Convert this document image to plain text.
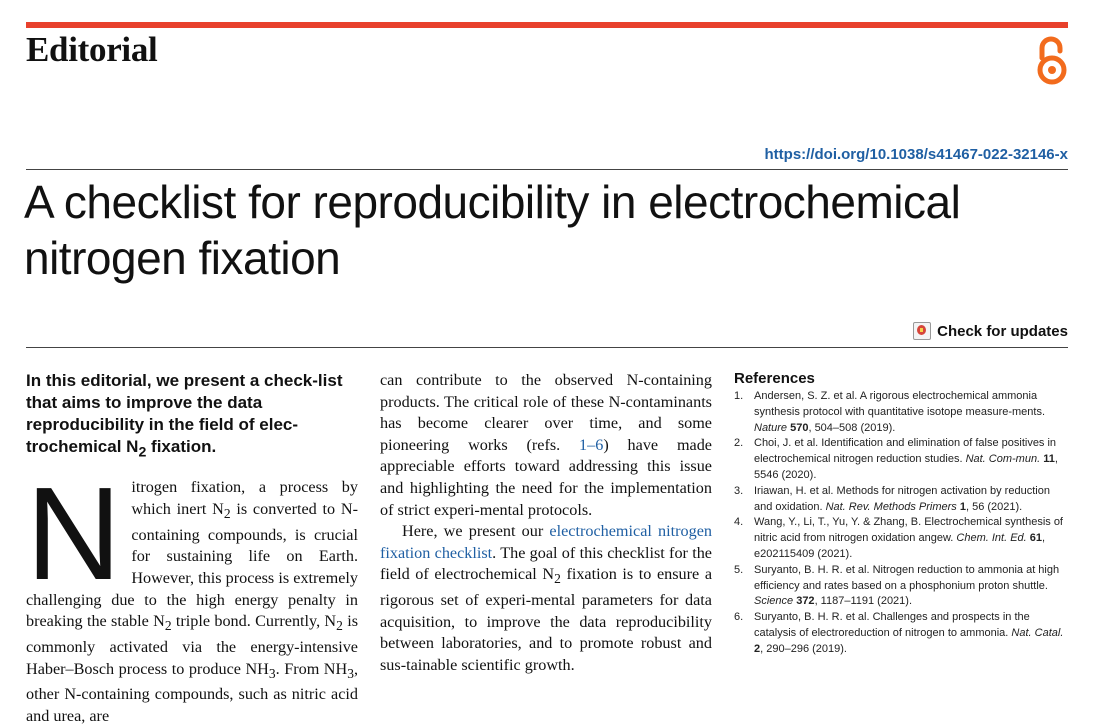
Editorial
https://doi.org/10.1038/s41467-022-32146-x
A checklist for reproducibility in electrochemical nitrogen fixation
Check for updates

In this editorial, we present a check-list that aims to improve the data reproducibility in the field of elec-trochemical $N_2$ fixation.

Nitrogen fixation, a process by which inert $N_2$ is converted to N-containing compounds, is crucial for sustaining life on Earth. However, this process is extremely challenging due to the high energy penalty in breaking the stable $N_2$ triple bond. Currently, $N_2$ is commonly activated via the energy-intensive Haber–Bosch process to produce $NH_3$. From $NH_3$, other N-containing compounds, such as nitric acid and urea, are

can contribute to the observed N-containing products. The critical role of these N-contaminants has become clearer over time, and some pioneering works (refs. 1–6) have made appreciable efforts toward addressing this issue and highlighting the need for the implementation of strict experi-mental protocols.

Here, we present our electrochemical nitrogen fixation checklist. The goal of this checklist for the field of electrochemical $N_2$ fixation is to ensure a rigorous set of experi-mental parameters for data acquisition, to improve the data reproducibility between laboratories, and to promote robust and sus-tainable scientific growth.

References
1. Andersen, S. Z. et al. A rigorous electrochemical ammonia synthesis protocol with quantitative isotope measure-ments. Nature 570, 504–508 (2019).
2. Choi, J. et al. Identification and elimination of false positives in electrochemical nitrogen reduction studies. Nat. Com-mun. 11, 5546 (2020).
3. Iriawan, H. et al. Methods for nitrogen activation by reduction and oxidation. Nat. Rev. Methods Primers 1, 56 (2021).
4. Wang, Y., Li, T., Yu, Y. & Zhang, B. Electrochemical synthesis of nitric acid from nitrogen oxidation angew. Chem. Int. Ed. 61, e202115409 (2021).
5. Suryanto, B. H. R. et al. Nitrogen reduction to ammonia at high efficiency and rates based on a phosphonium proton shuttle. Science 372, 1187–1191 (2021).
6. Suryanto, B. H. R. et al. Challenges and prospects in the catalysis of electroreduction of nitrogen to ammonia. Nat. Catal. 2, 290–296 (2019).
